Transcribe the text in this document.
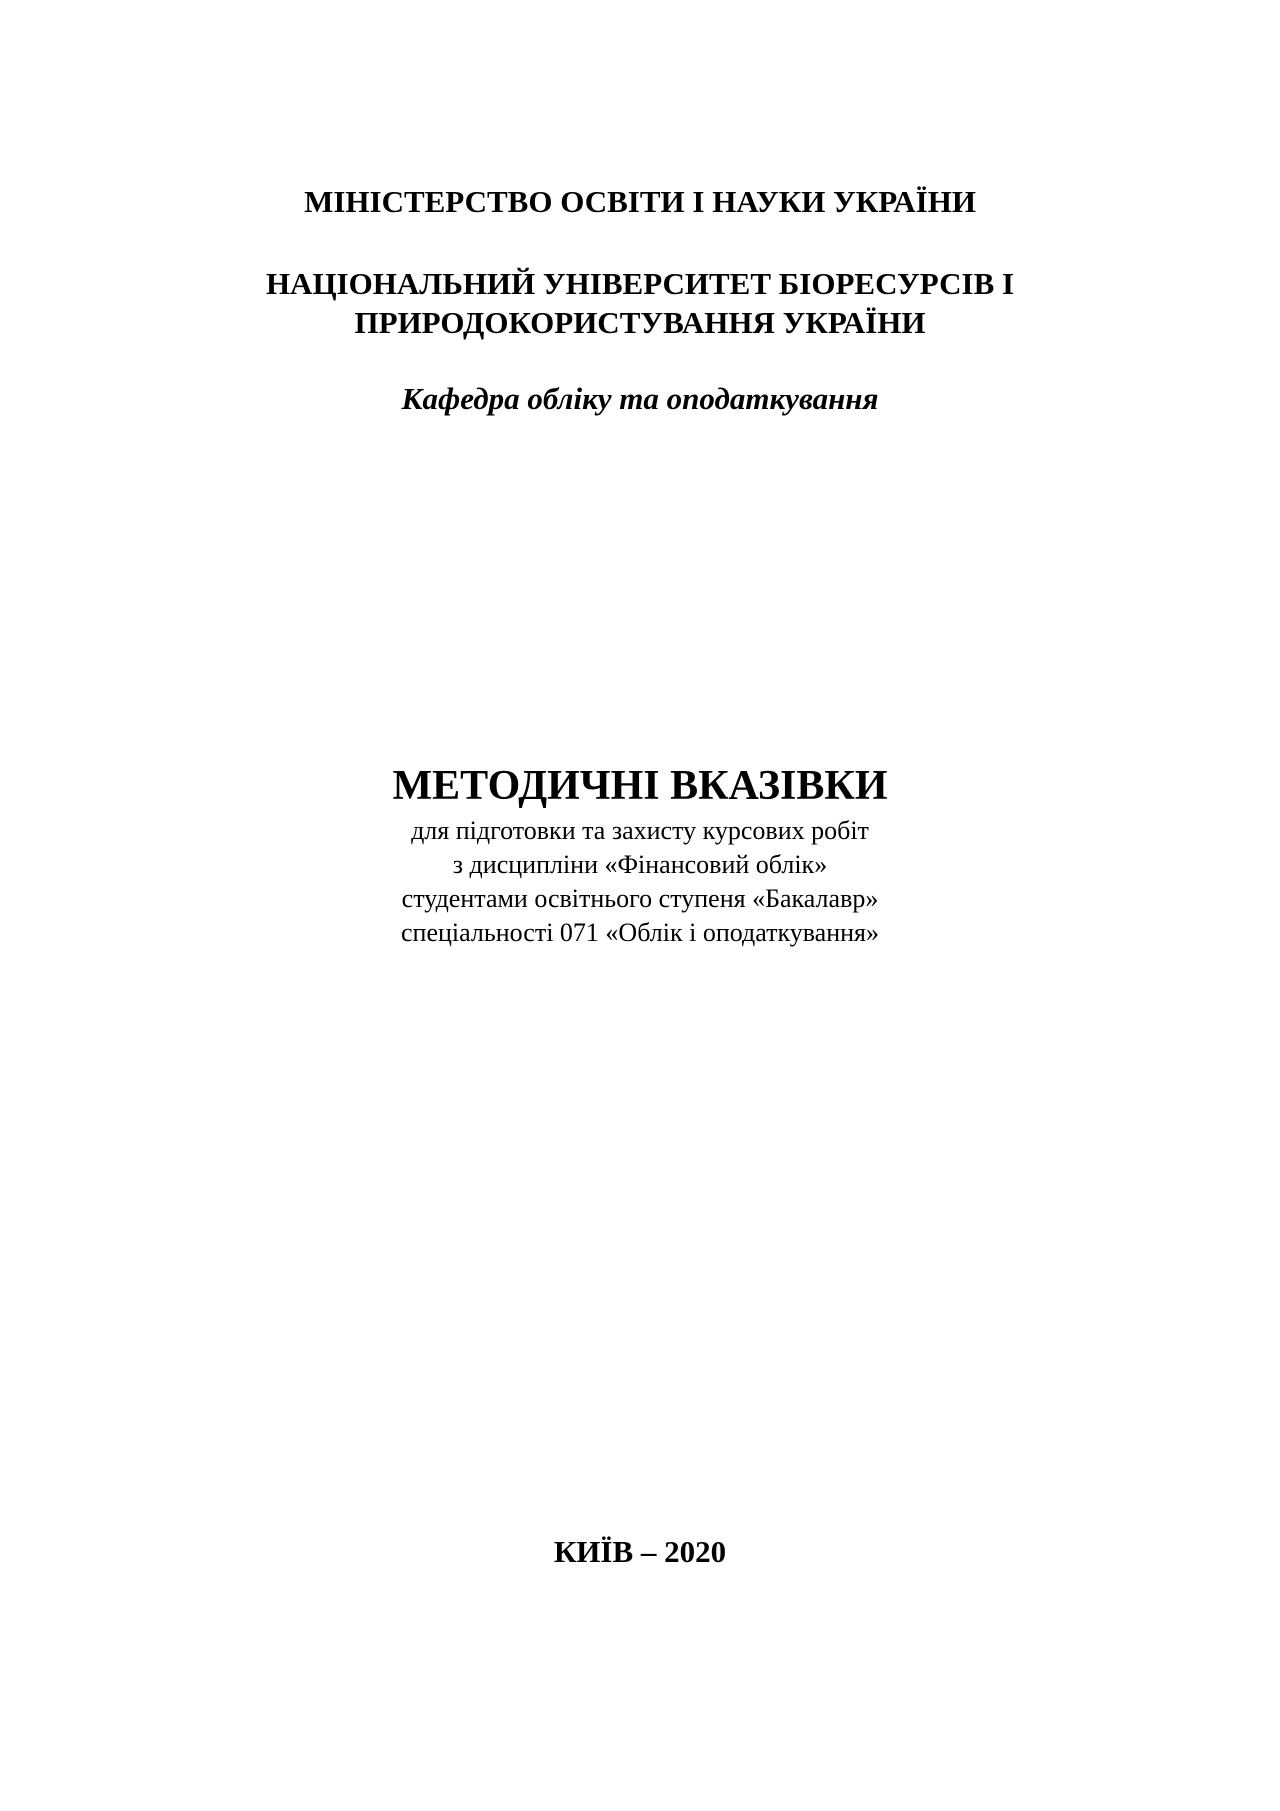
МІНІСТЕРСТВО ОСВІТИ І НАУКИ УКРАЇНИ

НАЦІОНАЛЬНИЙ УНІВЕРСИТЕТ БІОРЕСУРСІВ І

ПРИРОДОКОРИСТУВАННЯ УКРАЇНИ

Кафедра обліку та оподаткування

МЕТОДИЧНІ ВКАЗІВКИ

для підготовки та захисту курсових робіт

з дисципліни «Фінансовий облік»

студентами освітнього ступеня «Бакалавр»

спеціальності 071 «Облік і оподаткування»

КИЇВ – 2020
